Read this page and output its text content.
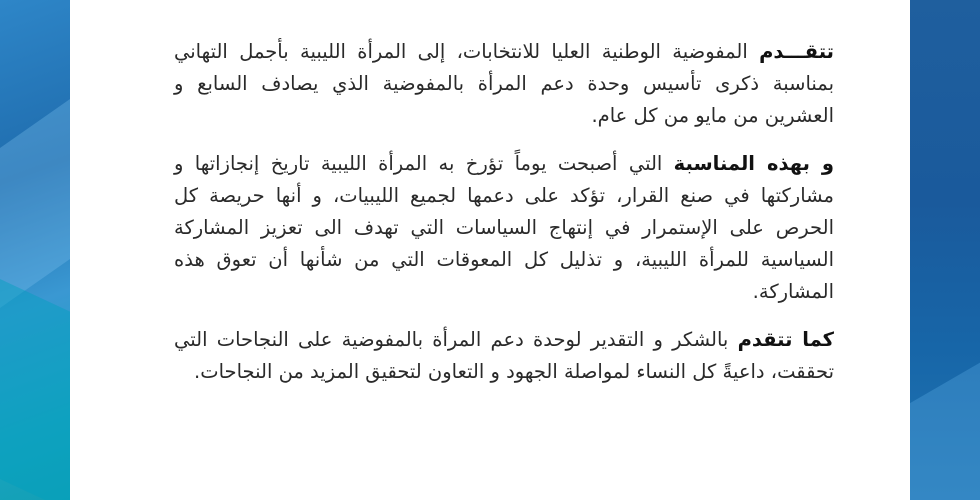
تتقـــدم المفوضية الوطنية العليا للانتخابات، إلى المرأة الليبية بأجمل التهاني بمناسبة ذكرى تأسيس وحدة دعم المرأة بالمفوضية الذي يصادف السابع و العشرين من مايو من كل عام.

و بهذه المناسبة التي أصبحت يوماً تؤرخ به المرأة الليبية تاريخ إنجازاتها و مشاركتها في صنع القرار، تؤكد على دعمها لجميع الليبيات، و أنها حريصة كل الحرص على الإستمرار في إنتهاج السياسات التي تهدف الى تعزيز المشاركة السياسية للمرأة الليبية، و تذليل كل المعوقات التي من شأنها أن تعوق هذه المشاركة.

كما تتقدم بالشكر و التقدير لوحدة دعم المرأة بالمفوضية على النجاحات التي تحققت، داعيةً كل النساء لمواصلة الجهود و التعاون لتحقيق المزيد من النجاحات.
